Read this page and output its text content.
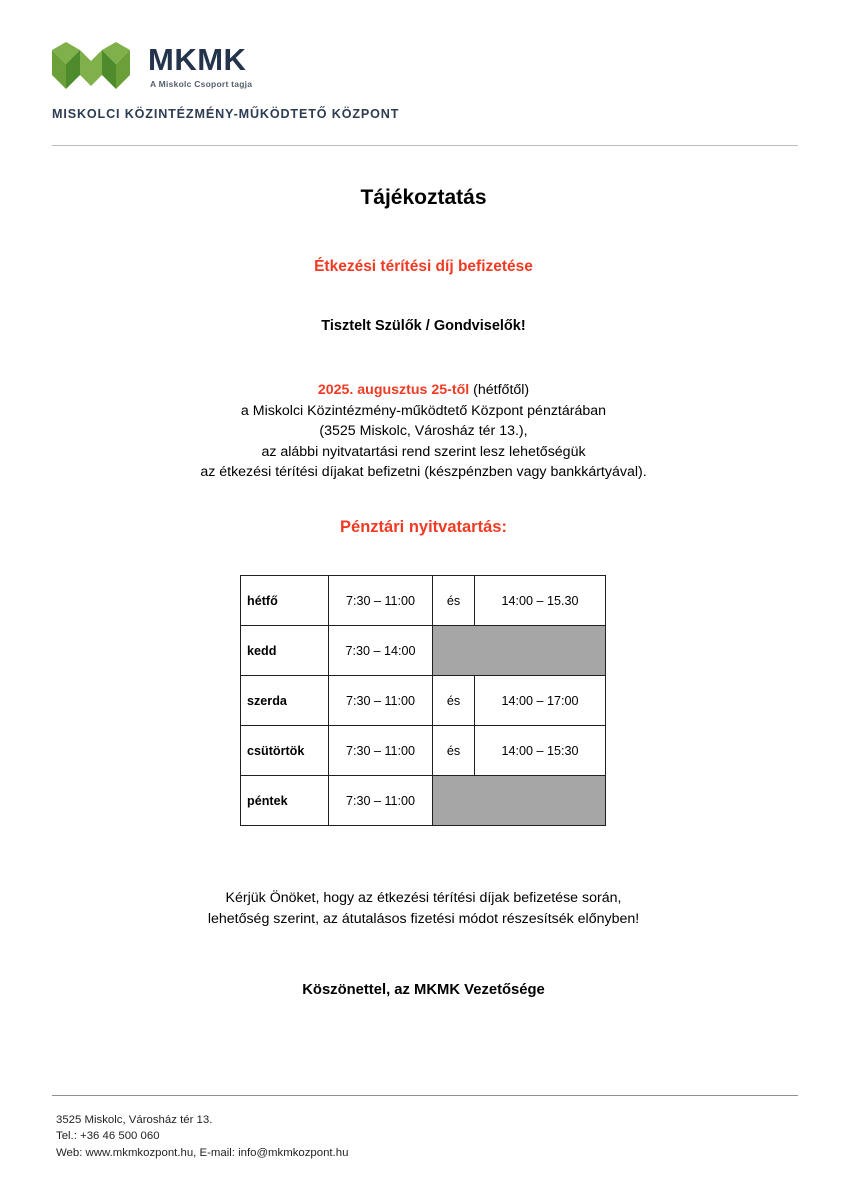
MKMK
A Miskolc Csoport tagja
MISKOLCI KÖZINTÉZMÉNY-MŰKÖDTETŐ KÖZPONT
Tájékoztatás
Étkezési térítési díj befizetése
Tisztelt Szülők / Gondviselők!
2025. augusztus 25-től (hétfőtől)
a Miskolci Közintézmény-működtető Központ pénztárában
(3525 Miskolc, Városház tér 13.),
az alábbi nyitvatartási rend szerint lesz lehetőségük
az étkezési térítési díjakat befizetni (készpénzben vagy bankkártyával).
Pénztári nyitvatartás:
hétfő	7:30 – 11:00	és	14:00 – 15.30
kedd	7:30 – 14:00		
szerda	7:30 – 11:00	és	14:00 – 17:00
csütörtök	7:30 – 11:00	és	14:00 – 15:30
péntek	7:30 – 11:00		
Kérjük Önöket, hogy az étkezési térítési díjak befizetése során,
lehetőség szerint, az átutalásos fizetési módot részesítsék előnyben!
Köszönettel, az MKMK Vezetősége
3525 Miskolc, Városház tér 13.
Tel.: +36 46 500 060
Web: www.mkmkozpont.hu, E-mail: info@mkmkozpont.hu
